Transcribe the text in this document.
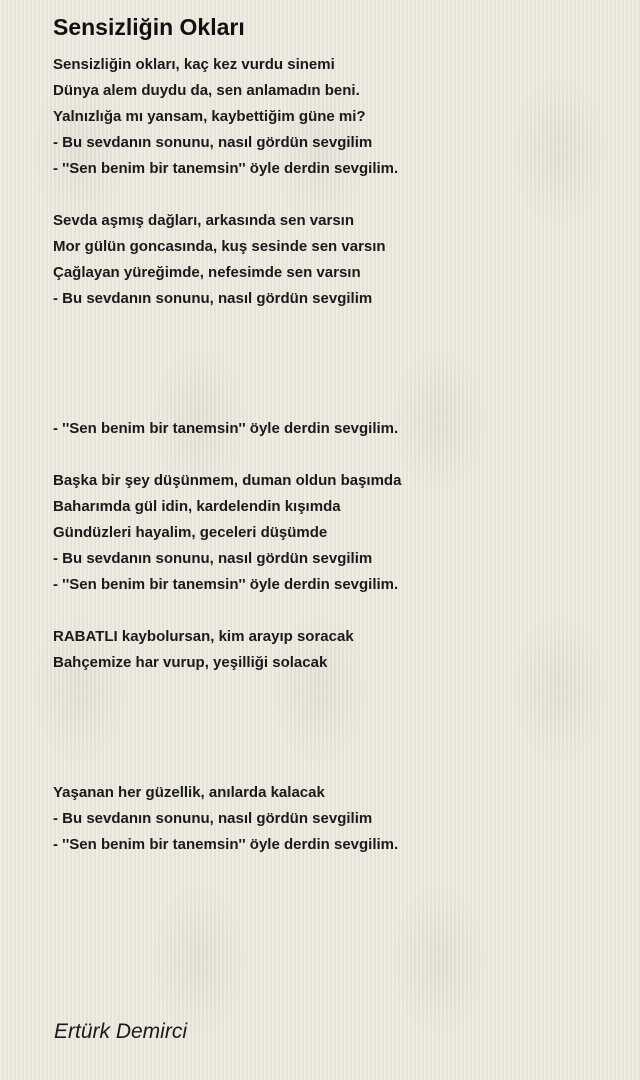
Sensizliğin Okları
Sensizliğin okları, kaç kez vurdu sinemi
Dünya alem duydu da, sen anlamadın beni.
Yalnızlığa mı yansam, kaybettiğim güne mi?
- Bu sevdanın sonunu, nasıl gördün sevgilim
- ''Sen benim bir tanemsin'' öyle derdin sevgilim.
Sevda aşmış dağları, arkasında sen varsın
Mor gülün goncasında, kuş sesinde sen varsın
Çağlayan yüreğimde, nefesimde sen varsın
- Bu sevdanın sonunu, nasıl gördün sevgilim
- ''Sen benim bir tanemsin'' öyle derdin sevgilim.
Başka bir şey düşünmem, duman oldun başımda
Baharımda gül idin, kardelendin kışımda
Gündüzleri hayalim, geceleri düşümde
- Bu sevdanın sonunu, nasıl gördün sevgilim
- ''Sen benim bir tanemsin'' öyle derdin sevgilim.
RABATLI kaybolursan, kim arayıp soracak
Bahçemize har vurup, yeşilliği solacak
Yaşanan her güzellik, anılarda kalacak
- Bu sevdanın sonunu, nasıl gördün sevgilim
- ''Sen benim bir tanemsin'' öyle derdin sevgilim.
Ertürk Demirci
